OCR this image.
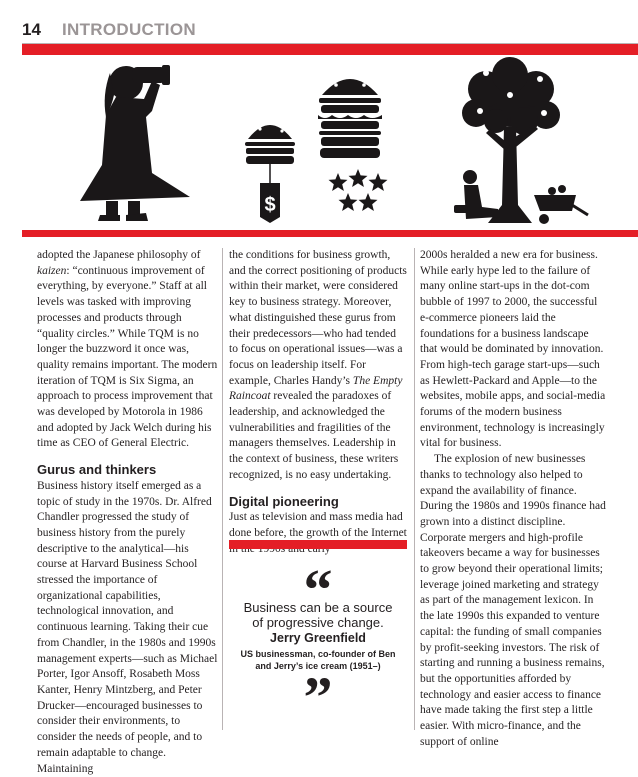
14 INTRODUCTION
$

adopted the Japanese philosophy of kaizen: “continuous improvement of everything, by everyone.” Staff at all levels was tasked with improving processes and products through “quality circles.” While TQM is no longer the buzzword it once was, quality remains important. The modern iteration of TQM is Six Sigma, an approach to process improvement that was developed by Motorola in 1986 and adopted by Jack Welch during his time as CEO of General Electric.

Gurus and thinkers

Business history itself emerged as a topic of study in the 1970s. Dr. Alfred Chandler progressed the study of business history from the purely descriptive to the analytical—his course at Harvard Business School stressed the importance of organizational capabilities, technological innovation, and continuous learning. Taking their cue from Chandler, in the 1980s and 1990s management experts—such as Michael Porter, Igor Ansoff, Rosabeth Moss Kanter, Henry Mintzberg, and Peter Drucker—encouraged businesses to consider their environments, to consider the needs of people, and to remain adaptable to change. Maintaining

the conditions for business growth, and the correct positioning of products within their market, were considered key to business strategy. Moreover, what distinguished these gurus from their predecessors—who had tended to focus on operational issues—was a focus on leadership itself. For example, Charles Handy’s The Empty Raincoat revealed the paradoxes of leadership, and acknowledged the vulnerabilities and fragilities of the managers themselves. Leadership in the context of business, these writers recognized, is no easy undertaking.

Digital pioneering

Just as television and mass media had done before, the growth of the Internet

“
Business can be a source of progressive change.
Jerry Greenfield
US businessman, co-founder of Ben and Jerry’s ice cream (1951–)
”

2000s heralded a new era for business. While early hype led to the failure of many online start-ups in the dot-com bubble of 1997 to 2000, the successful e-commerce pioneers laid the foundations for a business landscape that would be dominated by innovation. From high-tech garage start-ups—such as Hewlett-Packard and Apple—to the websites, mobile apps, and social-media forums of the modern business environment, technology is increasingly vital for business.

The explosion of new businesses thanks to technology also helped to expand the availability of finance. During the 1980s and 1990s finance had grown into a distinct discipline. Corporate mergers and high-profile takeovers became a way for businesses to grow beyond their operational limits; leverage joined marketing and strategy as part of the management lexicon. In the late 1990s this expanded to venture capital: the funding of small companies by profit-seeking investors. The risk of starting and running a business remains, but the opportunities afforded by technology and easier access to finance have made taking the first step a little easier. With micro-finance, and the support of online
